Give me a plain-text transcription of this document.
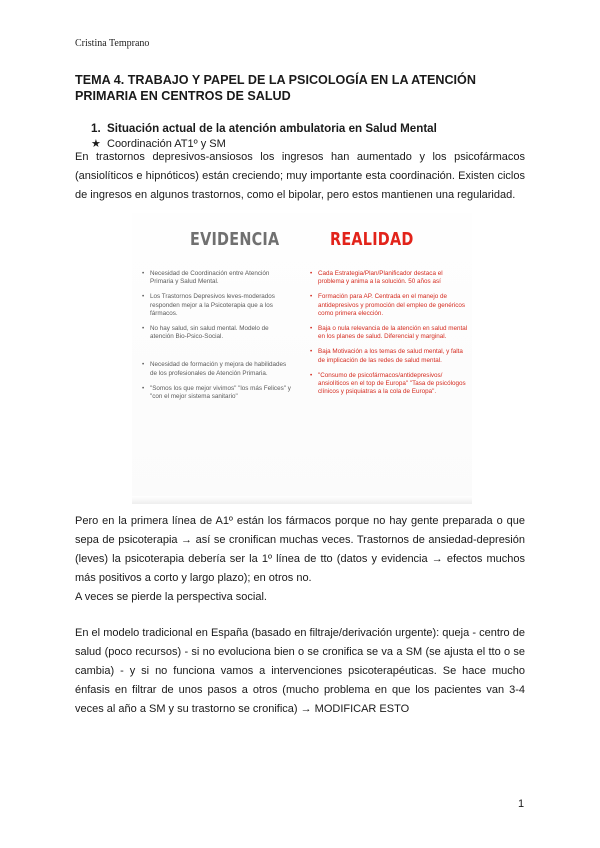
Cristina Temprano
TEMA 4. TRABAJO Y PAPEL DE LA PSICOLOGÍA EN LA ATENCIÓN PRIMARIA EN CENTROS DE SALUD
1. Situación actual de la atención ambulatoria en Salud Mental
★ Coordinación AT1º y SM

En trastornos depresivos-ansiosos los ingresos han aumentado y los psicofármacos
(ansiolíticos e hipnóticos) están creciendo; muy importante esta coordinación. Existen ciclos
de ingresos en algunos trastornos, como el bipolar, pero estos mantienen una regularidad.

EVIDENCIA
• Necesidad de Coordinación entre Atención Primaria y Salud Mental.
• Los Trastornos Depresivos leves-moderados responden mejor a la Psicoterapia que a los fármacos.
• No hay salud, sin salud mental. Modelo de atención Bio-Psico-Social.
• Necesidad de formación y mejora de habilidades de los profesionales de Atención Primaria.
• "Somos los que mejor vivimos" "los más Felices" y "con el mejor sistema sanitario"
REALIDAD
• Cada Estrategia/Plan/Planificador destaca el problema y anima a la solución. 50 años así
• Formación para AP. Centrada en el manejo de antidepresivos y promoción del empleo de genéricos como primera elección.
• Baja o nula relevancia de la atención en salud mental en los planes de salud. Diferencial y marginal.
• Baja Motivación a los temas de salud mental, y falta de implicación de las redes de salud mental.
• "Consumo de psicofármacos/antidepresivos/ ansiolíticos en el top de Europa" "Tasa de psicólogos clínicos y psiquiatras a la cola de Europa".

Pero en la primera línea de A1º están los fármacos porque no hay gente preparada o que
sepa de psicoterapia → así se cronifican muchas veces. Trastornos de ansiedad-depresión
(leves) la psicoterapia debería ser la 1º línea de tto (datos y evidencia → efectos muchos
más positivos a corto y largo plazo); en otros no.
A veces se pierde la perspectiva social.

En el modelo tradicional en España (basado en filtraje/derivación urgente): queja - centro de
salud (poco recursos) - si no evoluciona bien o se cronifica se va a SM (se ajusta el tto o se
cambia) - y si no funciona vamos a intervenciones psicoterapéuticas. Se hace mucho
énfasis en filtrar de unos pasos a otros (mucho problema en que los pacientes van 3-4
veces al año a SM y su trastorno se cronifica) → MODIFICAR ESTO

1
